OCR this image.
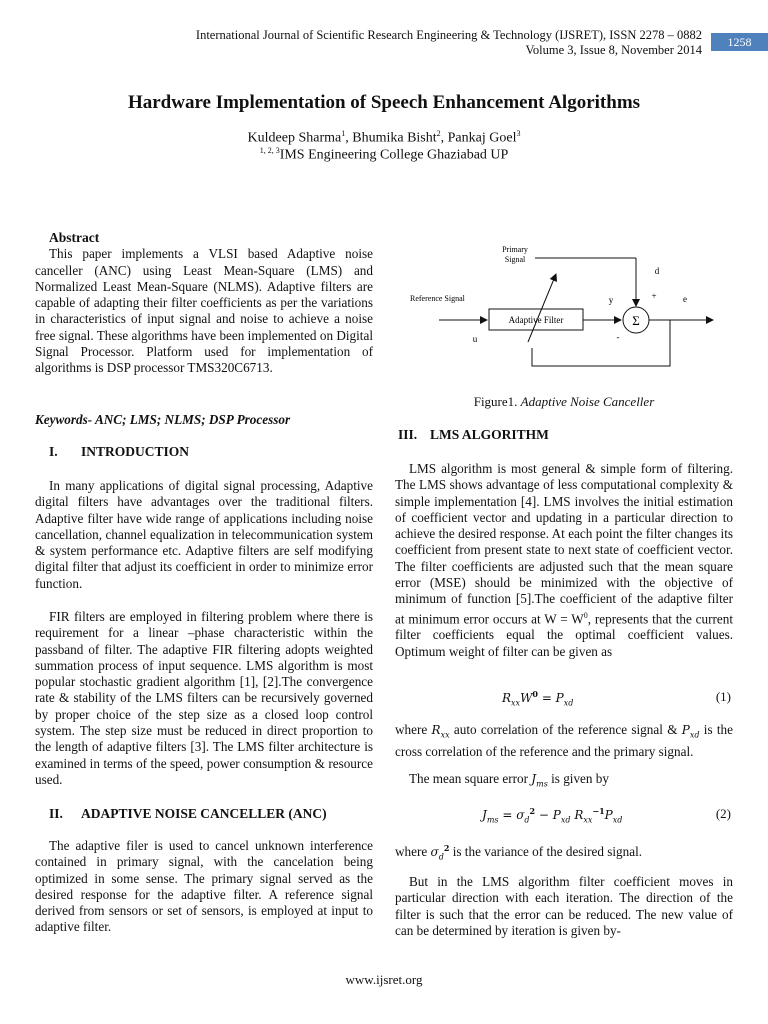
International Journal of Scientific Research Engineering & Technology (IJSRET), ISSN 2278 – 0882
Volume 3, Issue 8, November 2014
1258
Hardware Implementation of Speech Enhancement Algorithms
Kuldeep Sharma$^1$, Bhumika Bisht$^2$, Pankaj Goel$^3$
$^{1, 2, 3}$IMS Engineering College Ghaziabad UP
Abstract

This paper implements a VLSI based Adaptive noise canceller (ANC) using Least Mean-Square (LMS) and Normalized Least Mean-Square (NLMS). Adaptive filters are capable of adapting their filter coefficients as per the variations in characteristics of input signal and noise to achieve a noise free signal. These algorithms have been implemented on Digital Signal Processor. Platform used for implementation of algorithms is DSP processor TMS320C6713.

Keywords- ANC; LMS; NLMS; DSP Processor
I. INTRODUCTION

In many applications of digital signal processing, Adaptive digital filters have advantages over the traditional filters. Adaptive filter have wide range of applications including noise cancellation, channel equalization in telecommunication system & system performance etc. Adaptive filters are self modifying digital filter that adjust its coefficient in order to minimize error function.

FIR filters are employed in filtering problem where there is requirement for a linear –phase characteristic within the passband of filter. The adaptive FIR filtering adopts weighted summation process of input sequence. LMS algorithm is most popular stochastic gradient algorithm [1], [2].The convergence rate & stability of the LMS filters can be recursively governed by proper choice of the step size as a closed loop control system. The step size must be reduced in direct proportion to the length of adaptive filters [3]. The LMS filter architecture is examined in terms of the speed, power consumption & resource used.

II. ADAPTIVE NOISE CANCELLER (ANC)

The adaptive filer is used to cancel unknown interference contained in primary signal, with the cancelation being optimized in some sense. The primary signal served as the desired response for the adaptive filter. A reference signal derived from sensors or set of sensors, is employed at input to adaptive filter.

Primary
Signal
d
Reference Signal
u
Adaptive Filter
y
Σ
+
-
e
Figure1. Adaptive Noise Canceller
III. LMS ALGORITHM

LMS algorithm is most general & simple form of filtering. The LMS shows advantage of less computational complexity & simple implementation [4]. LMS involves the initial estimation of coefficient vector and updating in a particular direction to achieve the desired response. At each point the filter changes its coefficient from present state to next state of coefficient vector. The filter coefficients are adjusted such that the mean square error (MSE) should be minimized with the objective of minimum of function [5].The coefficient of the adaptive filter at minimum error occurs at $W = W^0$, represents that the current filter coefficients equal the optimal coefficient values. Optimum weight of filter can be given as

$R_{xx}W^0 = P_{xd}$	(1)

where $R_{xx}$ auto correlation of the reference signal & $P_{xd}$ is the cross correlation of the reference and the primary signal.

The mean square error $J_{ms}$ is given by

$J_{ms} = \sigma_d^2 - P_{xd}$ $R_{xx}^{-1}P_{xd}$	(2)

where $\sigma_d^2$ is the variance of the desired signal.

But in the LMS algorithm filter coefficient moves in particular direction with each iteration. The direction of the filter is such that the error can be reduced. The new value of can be determined by iteration is given by-

www.ijsret.org
